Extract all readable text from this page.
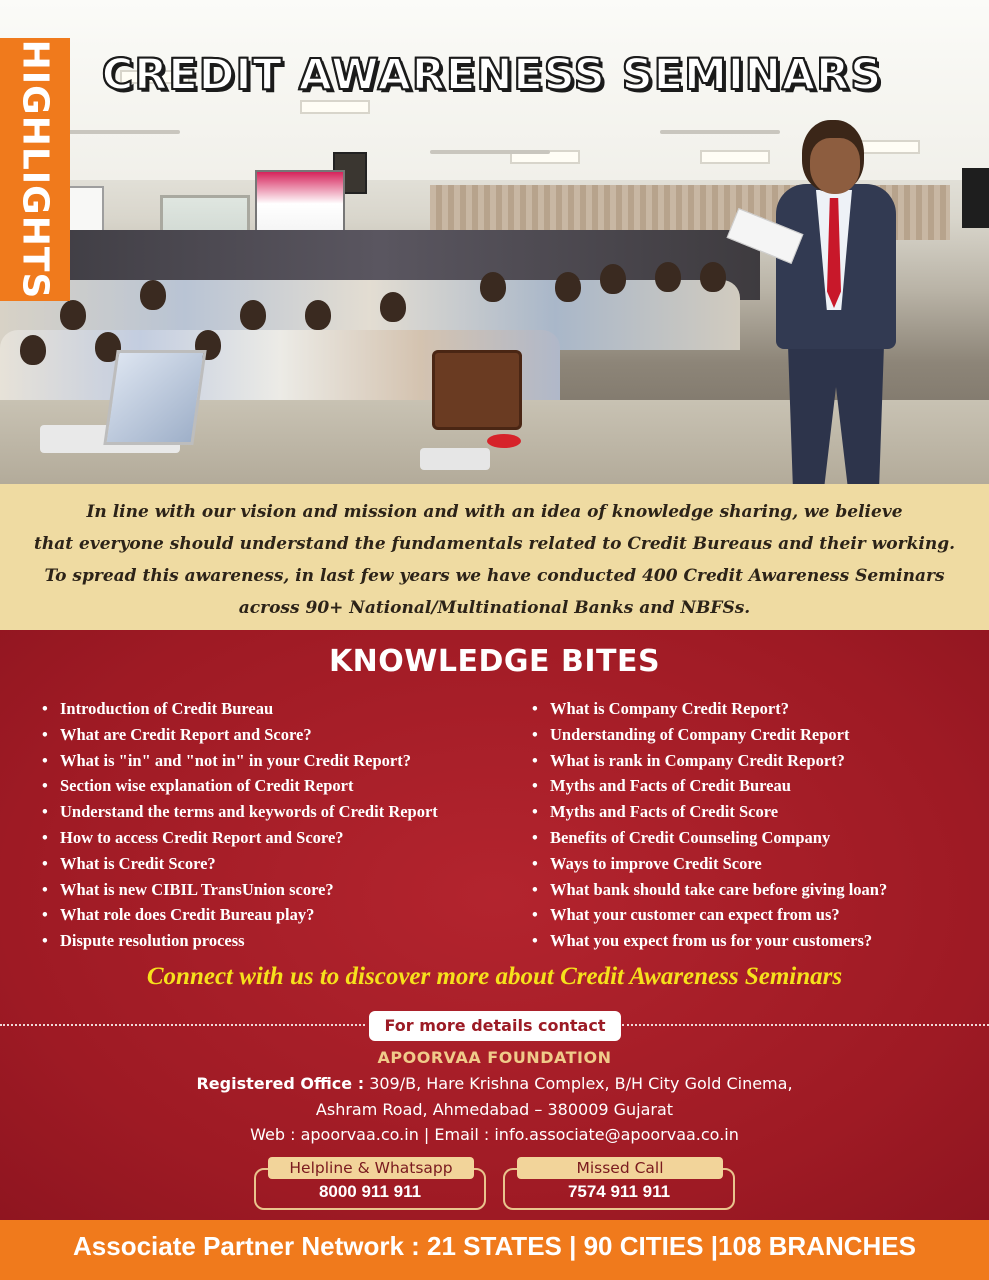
HIGHLIGHTS CREDIT AWARENESS SEMINARS

In line with our vision and mission and with an idea of knowledge sharing, we believe

that everyone should understand the fundamentals related to Credit Bureaus and their working.

To spread this awareness, in last few years we have conducted 400 Credit Awareness Seminars

across 90+ National/Multinational Banks and NBFSs.

KNOWLEDGE BITES
• Introduction of Credit Bureau
• What are Credit Report and Score?
• What is "in" and "not in" in your Credit Report?
• Section wise explanation of Credit Report
• Understand the terms and keywords of Credit Report
• How to access Credit Report and Score?
• What is Credit Score?
• What is new CIBIL TransUnion score?
• What role does Credit Bureau play?
• Dispute resolution process
• What is Company Credit Report?
• Understanding of Company Credit Report
• What is rank in Company Credit Report?
• Myths and Facts of Credit Bureau
• Myths and Facts of Credit Score
• Benefits of Credit Counseling Company
• Ways to improve Credit Score
• What bank should take care before giving loan?
• What your customer can expect from us?
• What you expect from us for your customers?
Connect with us to discover more about Credit Awareness Seminars
For more details contact
APOORVAA FOUNDATION
Registered Office : 309/B, Hare Krishna Complex, B/H City Gold Cinema,
Ashram Road, Ahmedabad – 380009 Gujarat
Web : apoorvaa.co.in | Email : info.associate@apoorvaa.co.in
Helpline & Whatsapp
8000 911 911
Missed Call
7574 911 911
Associate Partner Network : 21 STATES | 90 CITIES |108 BRANCHES
